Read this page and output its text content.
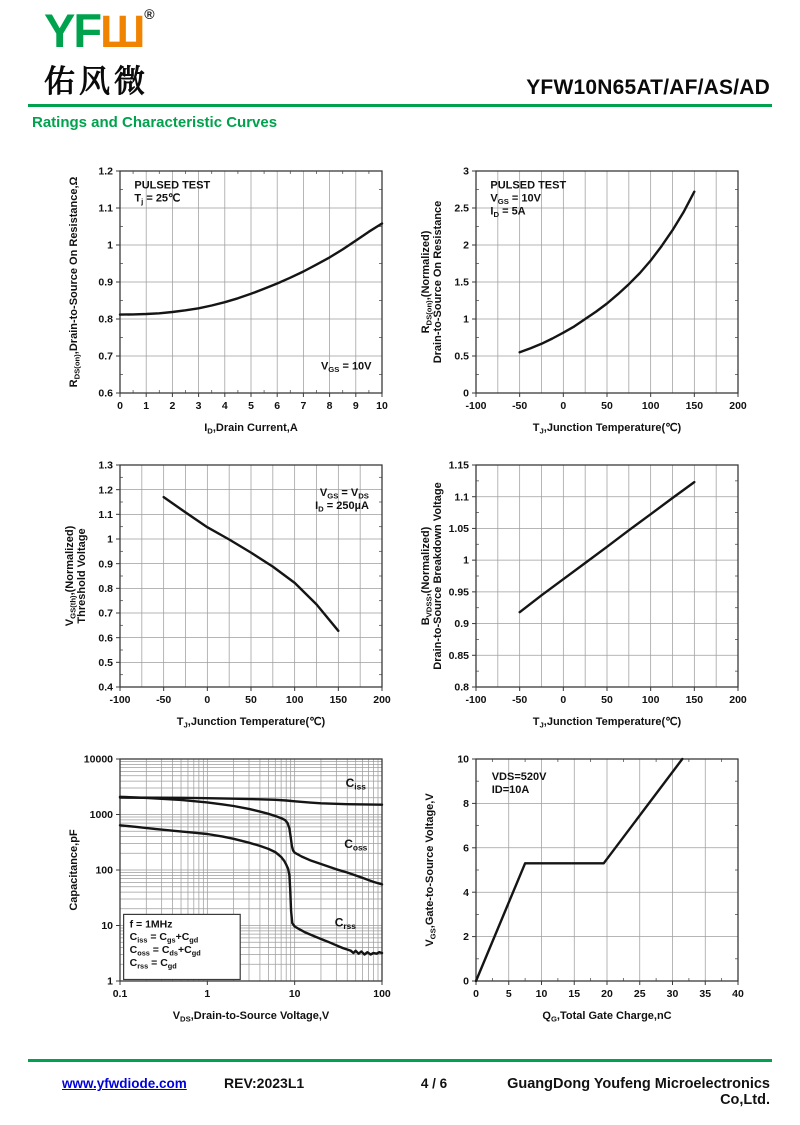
YFШ®
佑风微	YFW10N65AT/AF/AS/AD
Ratings and Characteristic Curves
0 1 2 3 4 5 6 7 8 9 10
0.6
0.7
0.8
0.9
1
1.1
1.2
$I_D,Drain$ Current,A
$R_{DS(on)},Drain-to$-Source On Resistance,Ω	PULSED TEST
$T_j$ = 25℃
$V_{GS} = 10V$
-100 -50	0	50	100 150 200
0
0.5
1
1.5
2
2.5
3
$T_J,Junction$ Temperature(℃)
$R_{DS(on)},(Normalized)$ Drain-to-Source On Resistance
PULSED TEST
$V_{GS} = 10V$
$I_D = 5A$
-100 -50	0	50	100 150 200
0.4
0.5
0.6
0.7
0.8
0.9
1
1.1
1.2
1.3
$T_J,Junction$ Temperature(℃)
$V_{GS(th)},(Normalized)$ Threshold Voltage
$V_{GS} = V_{DS}$
$I_D = 250\mu A$
-100 -50	0	50	100 150 200
0.8
0.85
0.9
0.95
1
1.05
1.1
1.15
$T_J,Junction$ Temperature(℃)
$B_{VDSS},(Normalized)$ Drain-to-Source Breakdown Voltage
0.1	1	10	100
1
10
100
1000
10000
$V_{DS},Drain-to$-Source Voltage,V
Capacitance,pF
$C_{iss}$
$C_{oss}$
$C_{rss}$
f = 1MHz
$C_{iss} = C_{gs}+C_{gd}$
$C_{oss} = C_{ds}+C_{gd}$
$C_{rss} = C_{gd}$
0	5 10 15 20 25 30 35 40
0
2
4
6
8
10
$Q_G,Total$ Gate Charge,nC
$V_{GS},Gate-to$-Source Voltage,V
VDS=520V
ID=10A
www.yfwdiode.com	REV:2023L1	4 / 6	GuangDong Youfeng Microelectronics Co,Ltd.
